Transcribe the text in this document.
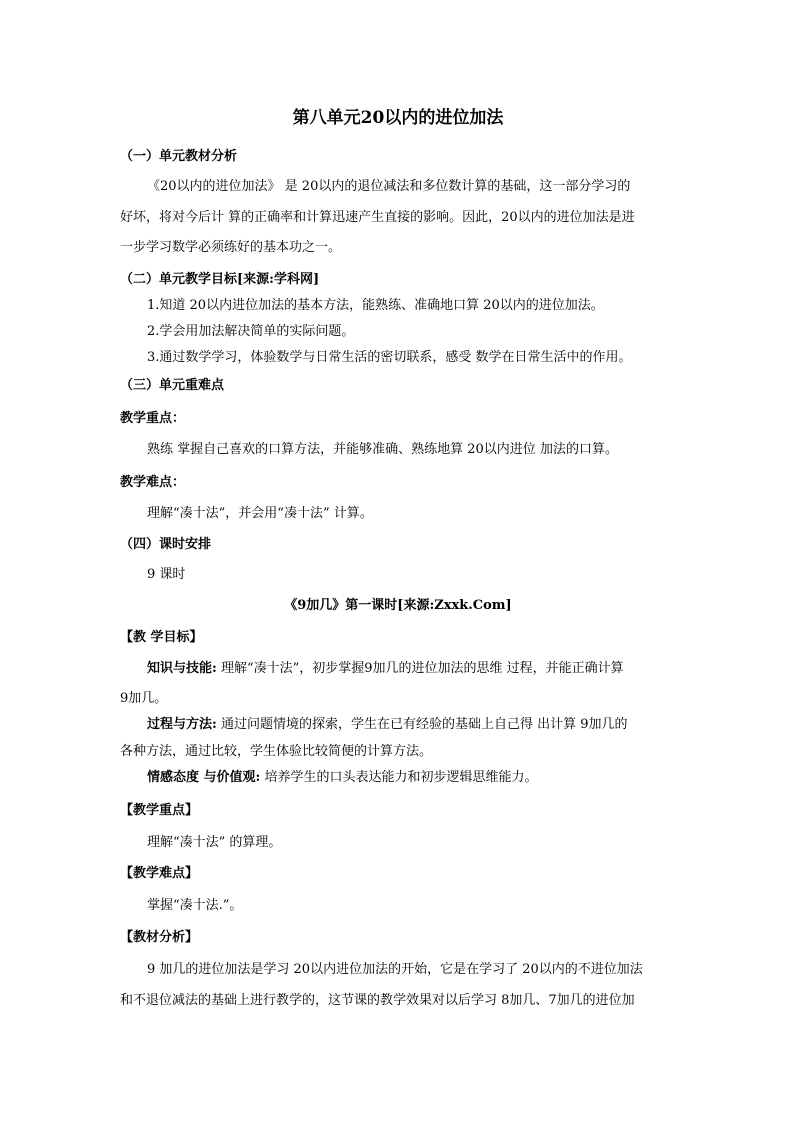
第八单元20以内的进位加法
（一）单元教材分析
《20以内的进位加法》 是 20以内的退位减法和多位数计算的基础，这一部分学习的
好坏，将对今后计 算的正确率和计算迅速产生直接的影响。因此，20以内的进位加法是进
一步学习数学必须练好的基本功之一。
（二）单元教学目标[来源:学科网]
1.知道 20以内进位加法的基本方法，能熟练、准确地口算 20以内的进位加法。
2.学会用加法解决简单的实际问题。
3.通过数学学习，体验数学与日常生活的密切联系，感受 数学在日常生活中的作用。
（三）单元重难点
教学重点：
熟练 掌握自己喜欢的口算方法，并能够准确、熟练地算 20以内进位 加法的口算。
教学难点：
理解“凑十法”，并会用“凑十法” 计算。
（四）课时安排
9 课时
《9加几》第一课时[来源:Zxxk.Com]
【教 学目标】
知识与技能: 理解“凑十法”，初步掌握9加几的进位加法的思维 过程，并能正确计算
9加几。
过程与方法: 通过问题情境的探索，学生在已有经验的基础上自己得 出计算 9加几的
各种方法，通过比较，学生体验比较简便的计算方法。
情感态度 与价值观: 培养学生的口头表达能力和初步逻辑思维能力。
【教学重点】
理解“凑十法” 的算理。
【教学难点】
掌握“凑十法.”。
【教材分析】
9 加几的进位加法是学习 20以内进位加法的开始，它是在学习了 20以内的不进位加法
和不退位减法的基础上进行教学的，这节课的教学效果对以后学习 8加几、7加几的进位加
